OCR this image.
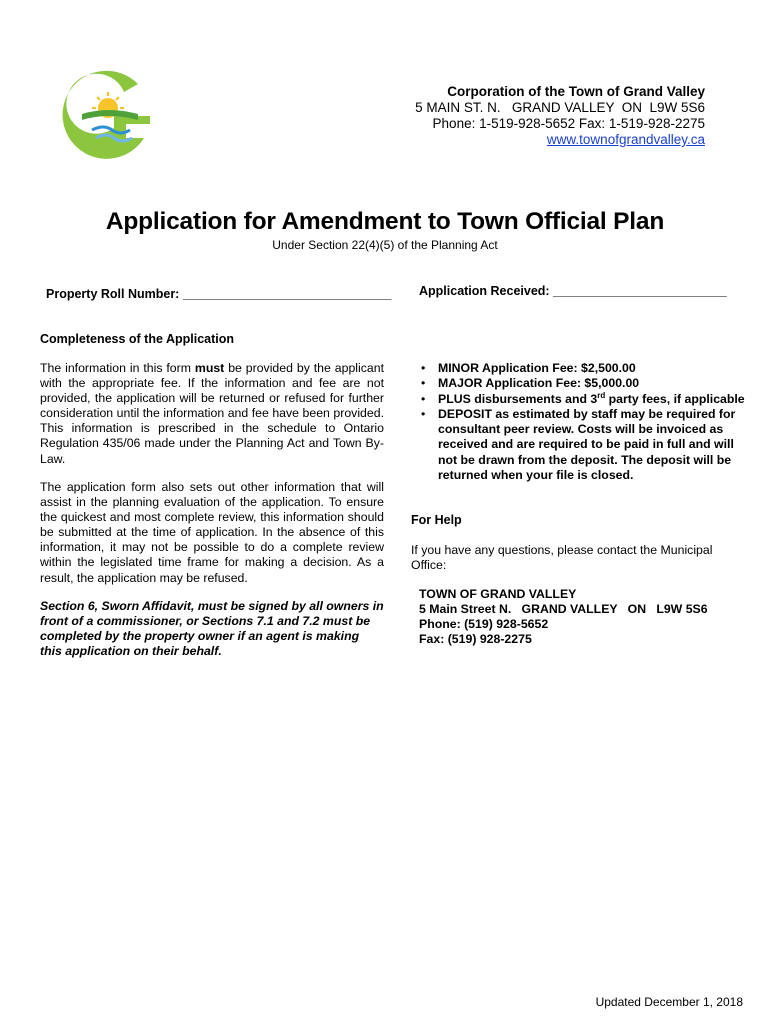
Corporation of the Town of Grand Valley
5 MAIN ST. N.   GRAND VALLEY  ON  L9W 5S6
Phone: 1-519-928-5652 Fax: 1-519-928-2275
www.townofgrandvalley.ca
Application for Amendment to Town Official Plan
Under Section 22(4)(5) of the Planning Act
Property Roll Number: ______________________________ Application Received: _________________________
Completeness of the Application
The information in this form must be provided by the applicant with the appropriate fee. If the information and fee are not provided, the application will be returned or refused for further consideration until the information and fee have been provided. This information is prescribed in the schedule to Ontario Regulation 435/06 made under the Planning Act and Town By-Law.
The application form also sets out other information that will assist in the planning evaluation of the application. To ensure the quickest and most complete review, this information should be submitted at the time of application. In the absence of this information, it may not be possible to do a complete review within the legislated time frame for making a decision. As a result, the application may be refused.
Section 6, Sworn Affidavit, must be signed by all owners in front of a commissioner, or Sections 7.1 and 7.2 must be completed by the property owner if an agent is making this application on their behalf.
• MINOR Application Fee: $2,500.00
• MAJOR Application Fee: $5,000.00
• PLUS disbursements and 3rd party fees, if applicable
• DEPOSIT as estimated by staff may be required for consultant peer review. Costs will be invoiced as received and are required to be paid in full and will not be drawn from the deposit. The deposit will be returned when your file is closed.
For Help
If you have any questions, please contact the Municipal Office:
TOWN OF GRAND VALLEY
5 Main Street N.   GRAND VALLEY   ON   L9W 5S6
Phone: (519) 928-5652
Fax: (519) 928-2275
Updated December 1, 2018
